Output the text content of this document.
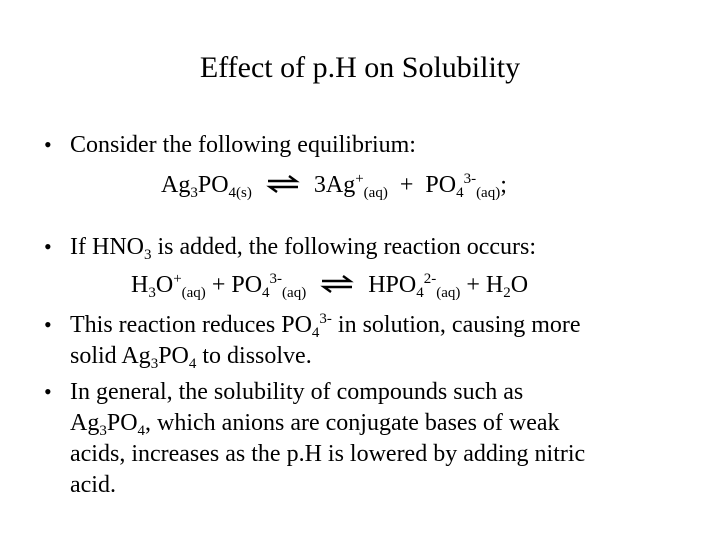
Effect of p.H on Solubility
• Consider the following equilibrium:
$Ag_3PO_{4(s)}$ ⇌ $3Ag^+_{(aq)} + PO_4^{3-}_{(aq)}$;
• If $HNO_3$ is added, the following reaction occurs:
$H_3O^+_{(aq)} + PO_4^{3-}_{(aq)}$ ⇌ $HPO_4^{2-}_{(aq)} + H_2O$
• This reaction reduces $PO_4^{3-}$ in solution, causing more
solid $Ag_3PO_4$ to dissolve.
• In general, the solubility of compounds such as
$Ag_3PO_4$, which anions are conjugate bases of weak
acids, increases as the p.H is lowered by adding nitric
acid.
